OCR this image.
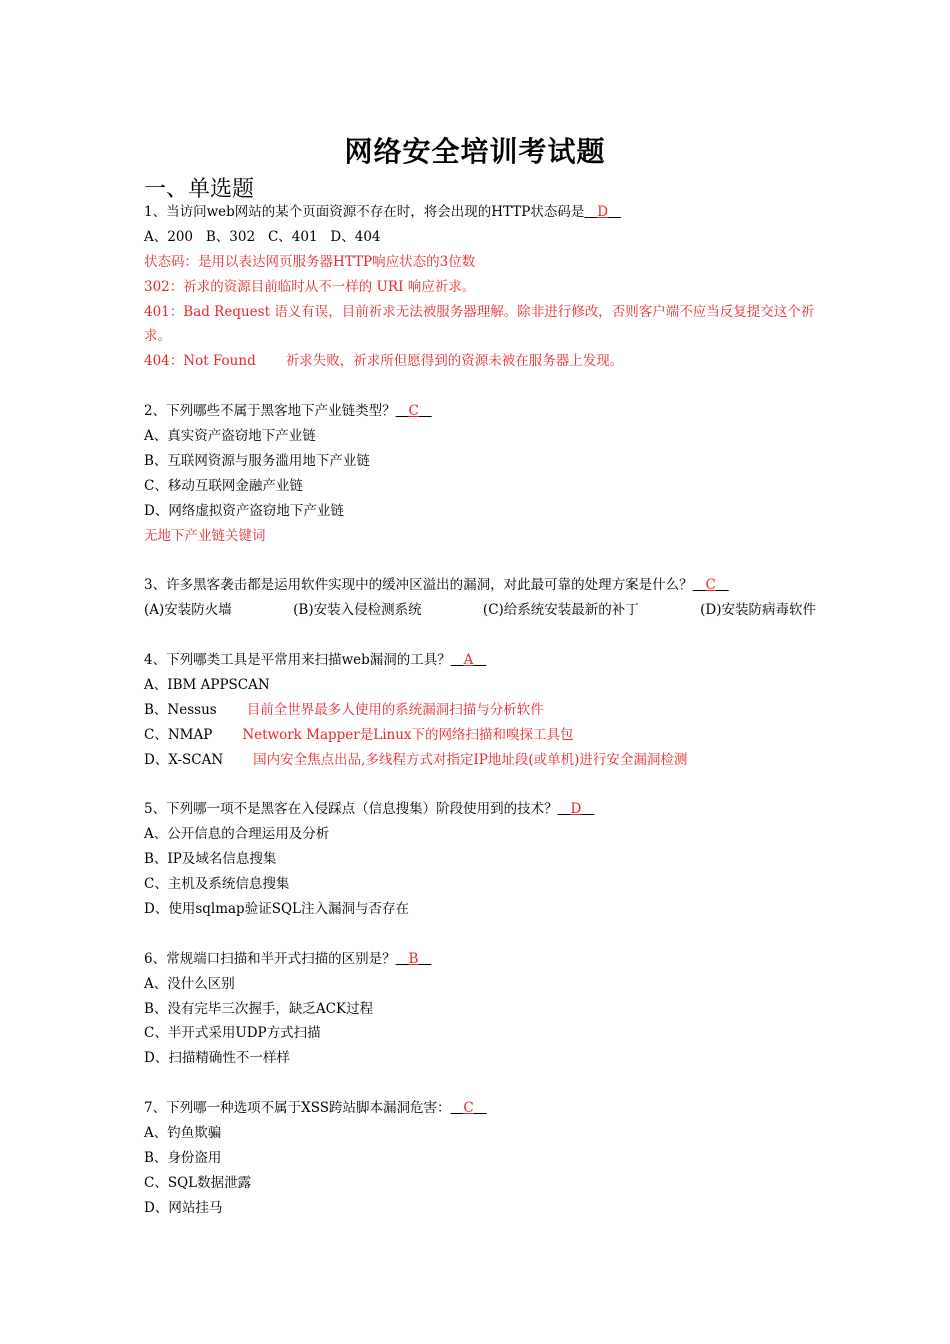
网络安全培训考试题
一、单选题
1、当访问web网站的某个页面资源不存在时，将会出现的HTTP状态码是 D
A、200   B、302   C、401   D、404
状态码：是用以表达网页服务器HTTP响应状态的3位数
302：祈求的资源目前临时从不一样的 URI 响应祈求。
401：Bad Request 语义有误，目前祈求无法被服务器理解。除非进行修改，否则客户端不应当反复提交这个祈求。
404：Not Found       祈求失败，祈求所但愿得到的资源未被在服务器上发现。
2、下列哪些不属于黑客地下产业链类型？ C
A、真实资产盗窃地下产业链
B、互联网资源与服务滥用地下产业链
C、移动互联网金融产业链
D、网络虚拟资产盗窃地下产业链
无地下产业链关键词
3、许多黑客袭击都是运用软件实现中的缓冲区溢出的漏洞，对此最可靠的处理方案是什么？ C
(A)安装防火墙	(B)安装入侵检测系统	(C)给系统安装最新的补丁	(D)安装防病毒软件
4、下列哪类工具是平常用来扫描web漏洞的工具？ A
A、IBM APPSCAN
B、Nessus 目前全世界最多人使用的系统漏洞扫描与分析软件
C、NMAP Network Mapper是Linux下的网络扫描和嗅探工具包
D、X-SCAN 国内安全焦点出品,多线程方式对指定IP地址段(或单机)进行安全漏洞检测
5、下列哪一项不是黑客在入侵踩点（信息搜集）阶段使用到的技术？ D
A、公开信息的合理运用及分析
B、IP及域名信息搜集
C、主机及系统信息搜集
D、使用sqlmap验证SQL注入漏洞与否存在
6、常规端口扫描和半开式扫描的区别是？ B
A、没什么区别
B、没有完毕三次握手，缺乏ACK过程
C、半开式采用UDP方式扫描
D、扫描精确性不一样样
7、下列哪一种选项不属于XSS跨站脚本漏洞危害： C
A、钓鱼欺骗
B、身份盗用
C、SQL数据泄露
D、网站挂马
